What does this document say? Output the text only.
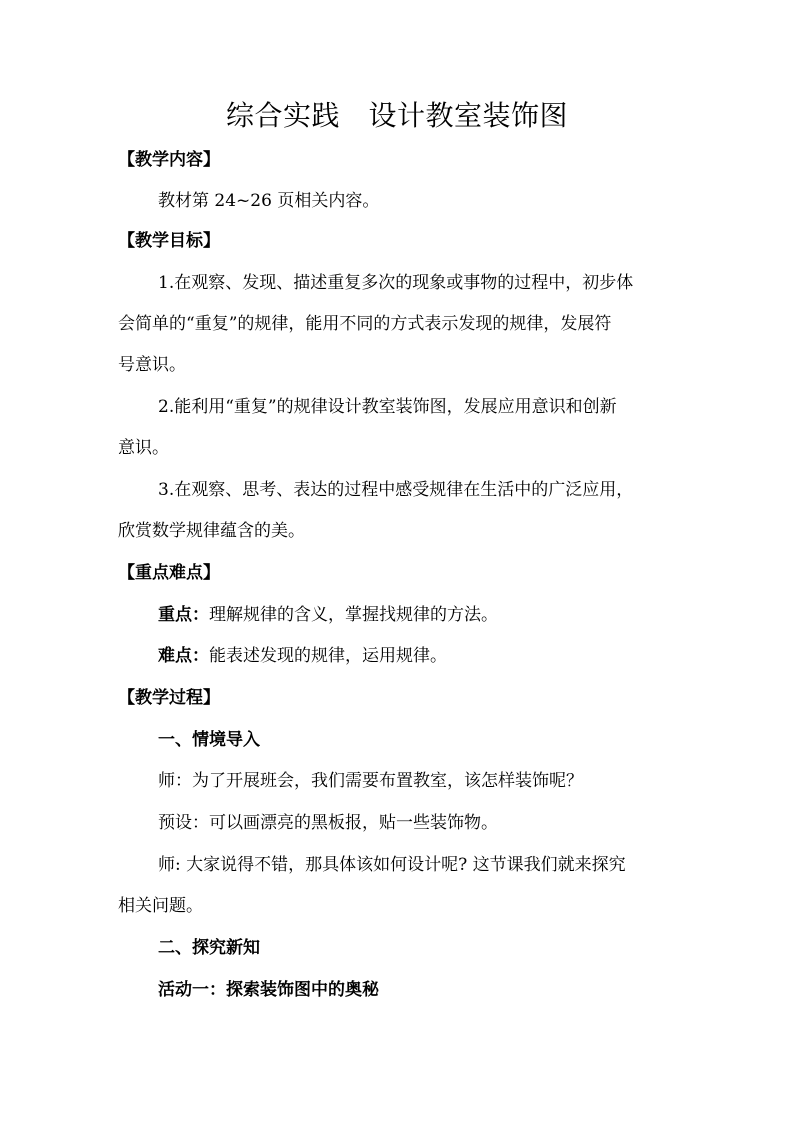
综合实践　设计教室装饰图

【教学内容】

教材第 24~26 页相关内容。

【教学目标】

1.在观察、发现、描述重复多次的现象或事物的过程中，初步体

会简单的“重复”的规律，能用不同的方式表示发现的规律，发展符

号意识。

2.能利用“重复”的规律设计教室装饰图，发展应用意识和创新

意识。

3.在观察、思考、表达的过程中感受规律在生活中的广泛应用，

欣赏数学规律蕴含的美。

【重点难点】

重点：理解规律的含义，掌握找规律的方法。

难点：能表述发现的规律，运用规律。

【教学过程】

一、情境导入

师：为了开展班会，我们需要布置教室，该怎样装饰呢？

预设：可以画漂亮的黑板报，贴一些装饰物。

师: 大家说得不错，那具体该如何设计呢? 这节课我们就来探究

相关问题。

二、探究新知

活动一：探索装饰图中的奥秘
